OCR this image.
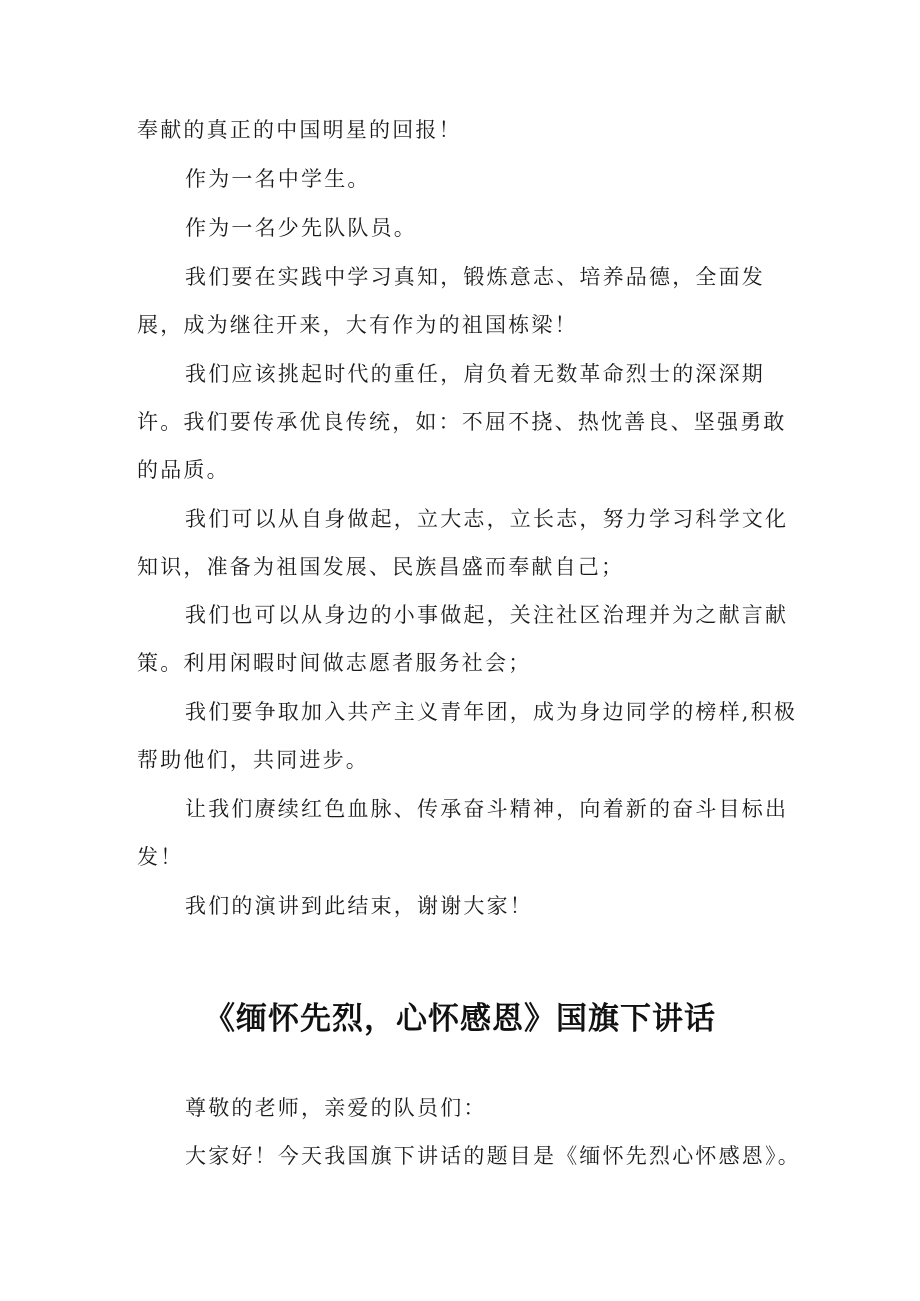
奉献的真正的中国明星的回报！

作为一名中学生。

作为一名少先队队员。

我们要在实践中学习真知，锻炼意志、培养品德，全面发展，成为继往开来，大有作为的祖国栋梁！

我们应该挑起时代的重任，肩负着无数革命烈士的深深期许。我们要传承优良传统，如：不屈不挠、热忱善良、坚强勇敢的品质。

我们可以从自身做起，立大志，立长志，努力学习科学文化知识，准备为祖国发展、民族昌盛而奉献自己；

我们也可以从身边的小事做起，关注社区治理并为之献言献策。利用闲暇时间做志愿者服务社会；

我们要争取加入共产主义青年团，成为身边同学的榜样,积极帮助他们，共同进步。

让我们赓续红色血脉、传承奋斗精神，向着新的奋斗目标出发！

我们的演讲到此结束，谢谢大家！

《缅怀先烈，心怀感恩》国旗下讲话

尊敬的老师，亲爱的队员们：

大家好！今天我国旗下讲话的题目是《缅怀先烈心怀感恩》。
